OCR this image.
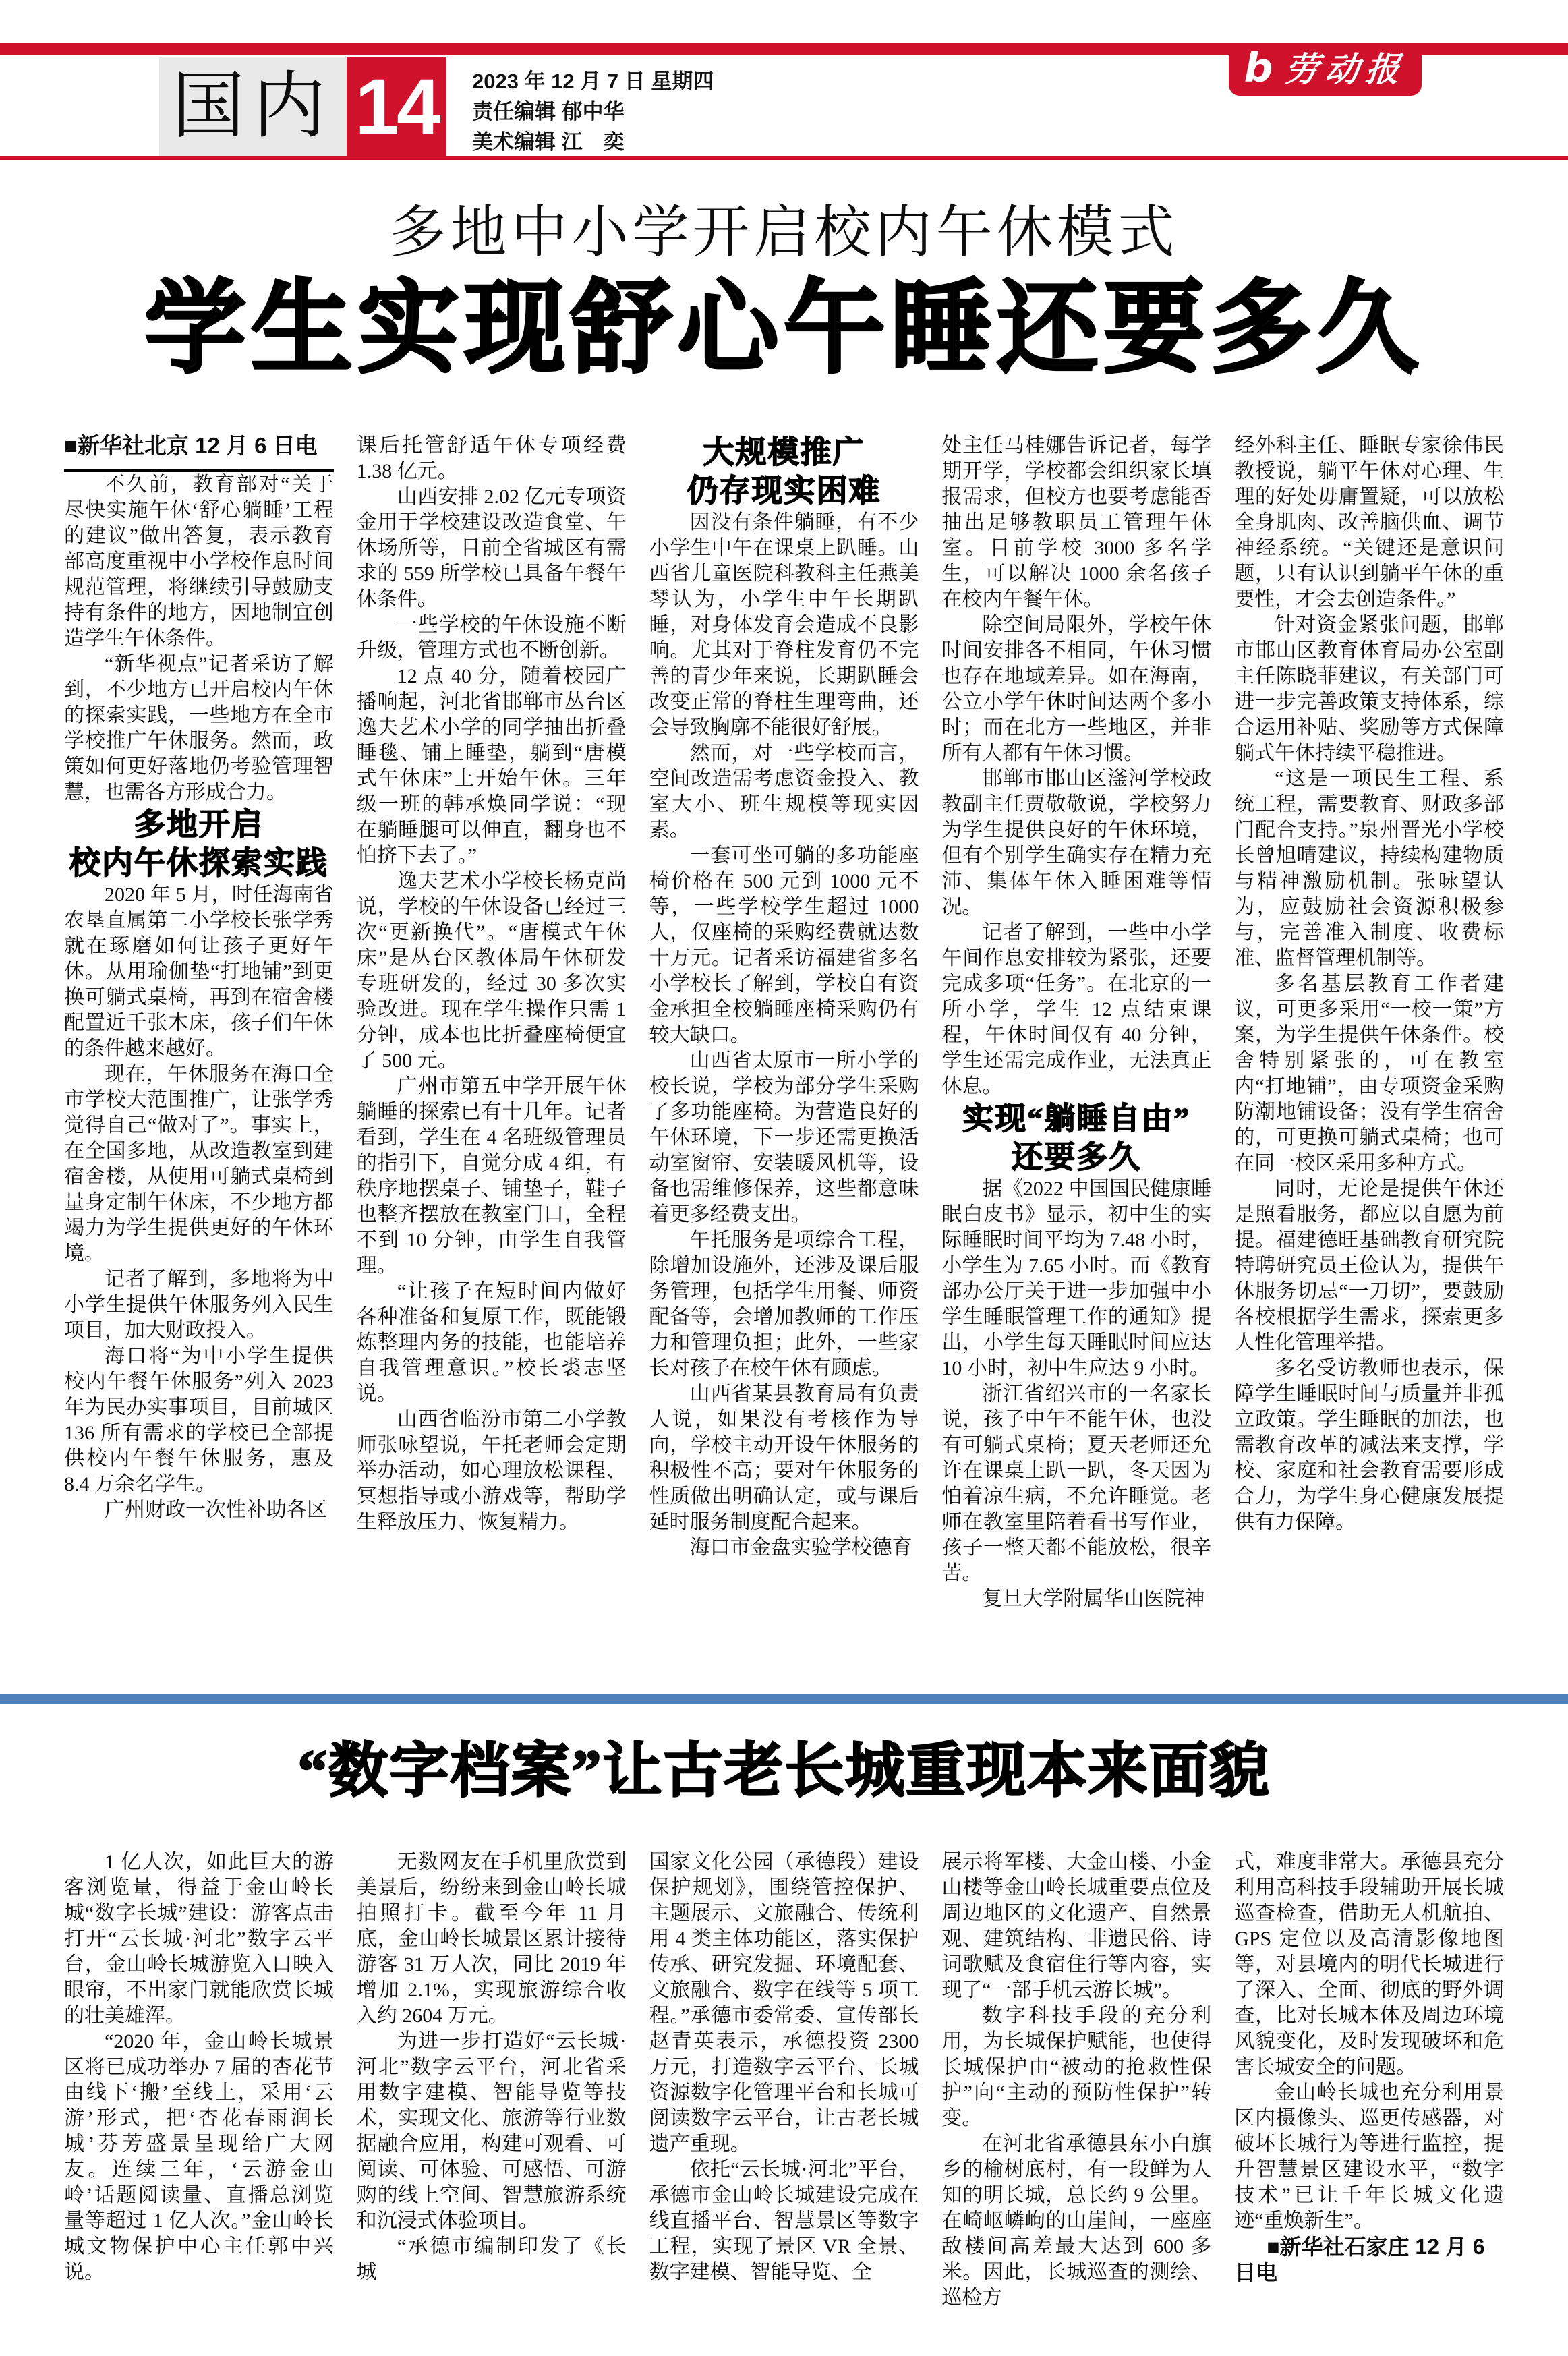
b 劳动报
国内 14 2023 年 12 月 7 日 星期四
责任编辑 郁中华
美术编辑 江　奕
多地中小学开启校内午休模式
学生实现舒心午睡还要多久

■新华社北京 12 月 6 日电

不久前，教育部对“关于尽快实施午休‘舒心躺睡’工程的建议”做出答复，表示教育部高度重视中小学校作息时间规范管理，将继续引导鼓励支持有条件的地方，因地制宜创造学生午休条件。

“新华视点”记者采访了解到，不少地方已开启校内午休的探索实践，一些地方在全市学校推广午休服务。然而，政策如何更好落地仍考验管理智慧，也需各方形成合力。

多地开启
校内午休探索实践

2020 年 5 月，时任海南省农垦直属第二小学校长张学秀就在琢磨如何让孩子更好午休。从用瑜伽垫“打地铺”到更换可躺式桌椅，再到在宿舍楼配置近千张木床，孩子们午休的条件越来越好。

现在，午休服务在海口全市学校大范围推广，让张学秀觉得自己“做对了”。事实上，在全国多地，从改造教室到建宿舍楼，从使用可躺式桌椅到量身定制午休床，不少地方都竭力为学生提供更好的午休环境。

记者了解到，多地将为中小学生提供午休服务列入民生项目，加大财政投入。

海口将“为中小学生提供校内午餐午休服务”列入 2023 年为民办实事项目，目前城区 136 所有需求的学校已全部提供校内午餐午休服务，惠及 8.4 万余名学生。

广州财政一次性补助各区

课后托管舒适午休专项经费 1.38 亿元。

山西安排 2.02 亿元专项资金用于学校建设改造食堂、午休场所等，目前全省城区有需求的 559 所学校已具备午餐午休条件。

一些学校的午休设施不断升级，管理方式也不断创新。

12 点 40 分，随着校园广播响起，河北省邯郸市丛台区逸夫艺术小学的同学抽出折叠睡毯、铺上睡垫，躺到“唐模式午休床”上开始午休。三年级一班的韩承焕同学说：“现在躺睡腿可以伸直，翻身也不怕挤下去了。”

逸夫艺术小学校长杨克尚说，学校的午休设备已经过三次“更新换代”。“唐模式午休床”是丛台区教体局午休研发专班研发的，经过 30 多次实验改进。现在学生操作只需 1 分钟，成本也比折叠座椅便宜了 500 元。

广州市第五中学开展午休躺睡的探索已有十几年。记者看到，学生在 4 名班级管理员的指引下，自觉分成 4 组，有秩序地摆桌子、铺垫子，鞋子也整齐摆放在教室门口，全程不到 10 分钟，由学生自我管理。

“让孩子在短时间内做好各种准备和复原工作，既能锻炼整理内务的技能，也能培养自我管理意识。”校长裘志坚说。

山西省临汾市第二小学教师张咏望说，午托老师会定期举办活动，如心理放松课程、冥想指导或小游戏等，帮助学生释放压力、恢复精力。

大规模推广
仍存现实困难

因没有条件躺睡，有不少小学生中午在课桌上趴睡。山西省儿童医院科教科主任燕美琴认为，小学生中午长期趴睡，对身体发育会造成不良影响。尤其对于脊柱发育仍不完善的青少年来说，长期趴睡会改变正常的脊柱生理弯曲，还会导致胸廓不能很好舒展。

然而，对一些学校而言，空间改造需考虑资金投入、教室大小、班生规模等现实因素。

一套可坐可躺的多功能座椅价格在 500 元到 1000 元不等，一些学校学生超过 1000 人，仅座椅的采购经费就达数十万元。记者采访福建省多名小学校长了解到，学校自有资金承担全校躺睡座椅采购仍有较大缺口。

山西省太原市一所小学的校长说，学校为部分学生采购了多功能座椅。为营造良好的午休环境，下一步还需更换活动室窗帘、安装暖风机等，设备也需维修保养，这些都意味着更多经费支出。

午托服务是项综合工程，除增加设施外，还涉及课后服务管理，包括学生用餐、师资配备等，会增加教师的工作压力和管理负担；此外，一些家长对孩子在校午休有顾虑。

山西省某县教育局有负责人说，如果没有考核作为导向，学校主动开设午休服务的积极性不高；要对午休服务的性质做出明确认定，或与课后延时服务制度配合起来。

海口市金盘实验学校德育

处主任马桂娜告诉记者，每学期开学，学校都会组织家长填报需求，但校方也要考虑能否抽出足够教职员工管理午休室。目前学校 3000 多名学生，可以解决 1000 余名孩子在校内午餐午休。

除空间局限外，学校午休时间安排各不相同，午休习惯也存在地域差异。如在海南，公立小学午休时间达两个多小时；而在北方一些地区，并非所有人都有午休习惯。

邯郸市邯山区滏河学校政教副主任贾敬敬说，学校努力为学生提供良好的午休环境，但有个别学生确实存在精力充沛、集体午休入睡困难等情况。

记者了解到，一些中小学午间作息安排较为紧张，还要完成多项“任务”。在北京的一所小学，学生 12 点结束课程，午休时间仅有 40 分钟，学生还需完成作业，无法真正休息。

实现“躺睡自由”
还要多久

据《2022 中国国民健康睡眠白皮书》显示，初中生的实际睡眠时间平均为 7.48 小时，小学生为 7.65 小时。而《教育部办公厅关于进一步加强中小学生睡眠管理工作的通知》提出，小学生每天睡眠时间应达 10 小时，初中生应达 9 小时。

浙江省绍兴市的一名家长说，孩子中午不能午休，也没有可躺式桌椅；夏天老师还允许在课桌上趴一趴，冬天因为怕着凉生病，不允许睡觉。老师在教室里陪着看书写作业，孩子一整天都不能放松，很辛苦。

复旦大学附属华山医院神

经外科主任、睡眠专家徐伟民教授说，躺平午休对心理、生理的好处毋庸置疑，可以放松全身肌肉、改善脑供血、调节神经系统。“关键还是意识问题，只有认识到躺平午休的重要性，才会去创造条件。”

针对资金紧张问题，邯郸市邯山区教育体育局办公室副主任陈晓菲建议，有关部门可进一步完善政策支持体系，综合运用补贴、奖励等方式保障躺式午休持续平稳推进。

“这是一项民生工程、系统工程，需要教育、财政多部门配合支持。”泉州晋光小学校长曾旭晴建议，持续构建物质与精神激励机制。张咏望认为，应鼓励社会资源积极参与，完善准入制度、收费标准、监督管理机制等。

多名基层教育工作者建议，可更多采用“一校一策”方案，为学生提供午休条件。校舍特别紧张的，可在教室内“打地铺”，由专项资金采购防潮地铺设备；没有学生宿舍的，可更换可躺式桌椅；也可在同一校区采用多种方式。

同时，无论是提供午休还是照看服务，都应以自愿为前提。福建德旺基础教育研究院特聘研究员王俭认为，提供午休服务切忌“一刀切”，要鼓励各校根据学生需求，探索更多人性化管理举措。

多名受访教师也表示，保障学生睡眠时间与质量并非孤立政策。学生睡眠的加法，也需教育改革的减法来支撑，学校、家庭和社会教育需要形成合力，为学生身心健康发展提供有力保障。

“数字档案”让古老长城重现本来面貌

1 亿人次，如此巨大的游客浏览量，得益于金山岭长城“数字长城”建设：游客点击打开“云长城·河北”数字云平台，金山岭长城游览入口映入眼帘，不出家门就能欣赏长城的壮美雄浑。

“2020 年，金山岭长城景区将已成功举办 7 届的杏花节由线下‘搬’至线上，采用‘云游’形式，把‘杏花春雨润长城’芬芳盛景呈现给广大网友。连续三年，‘云游金山岭’话题阅读量、直播总浏览量等超过 1 亿人次。”金山岭长城文物保护中心主任郭中兴说。

无数网友在手机里欣赏到美景后，纷纷来到金山岭长城拍照打卡。截至今年 11 月底，金山岭长城景区累计接待游客 31 万人次，同比 2019 年增加 2.1%，实现旅游综合收入约 2604 万元。

为进一步打造好“云长城·河北”数字云平台，河北省采用数字建模、智能导览等技术，实现文化、旅游等行业数据融合应用，构建可观看、可阅读、可体验、可感悟、可游购的线上空间、智慧旅游系统和沉浸式体验项目。

“承德市编制印发了《长城

国家文化公园（承德段）建设保护规划》，围绕管控保护、主题展示、文旅融合、传统利用 4 类主体功能区，落实保护传承、研究发掘、环境配套、文旅融合、数字在线等 5 项工程。”承德市委常委、宣传部长赵青英表示，承德投资 2300 万元，打造数字云平台、长城资源数字化管理平台和长城可阅读数字云平台，让古老长城遗产重现。

依托“云长城·河北”平台，承德市金山岭长城建设完成在线直播平台、智慧景区等数字工程，实现了景区 VR 全景、数字建模、智能导览、全

展示将军楼、大金山楼、小金山楼等金山岭长城重要点位及周边地区的文化遗产、自然景观、建筑结构、非遗民俗、诗词歌赋及食宿住行等内容，实现了“一部手机云游长城”。

数字科技手段的充分利用，为长城保护赋能，也使得长城保护由“被动的抢救性保护”向“主动的预防性保护”转变。

在河北省承德县东小白旗乡的榆树底村，有一段鲜为人知的明长城，总长约 9 公里。在崎岖嶙峋的山崖间，一座座敌楼间高差最大达到 600 多米。因此，长城巡查的测绘、巡检方

式，难度非常大。承德县充分利用高科技手段辅助开展长城巡查检查，借助无人机航拍、GPS 定位以及高清影像地图等，对县境内的明代长城进行了深入、全面、彻底的野外调查，比对长城本体及周边环境风貌变化，及时发现破坏和危害长城安全的问题。

金山岭长城也充分利用景区内摄像头、巡更传感器，对破坏长城行为等进行监控，提升智慧景区建设水平，“数字技术”已让千年长城文化遗迹“重焕新生”。

■新华社石家庄 12 月 6 日电
